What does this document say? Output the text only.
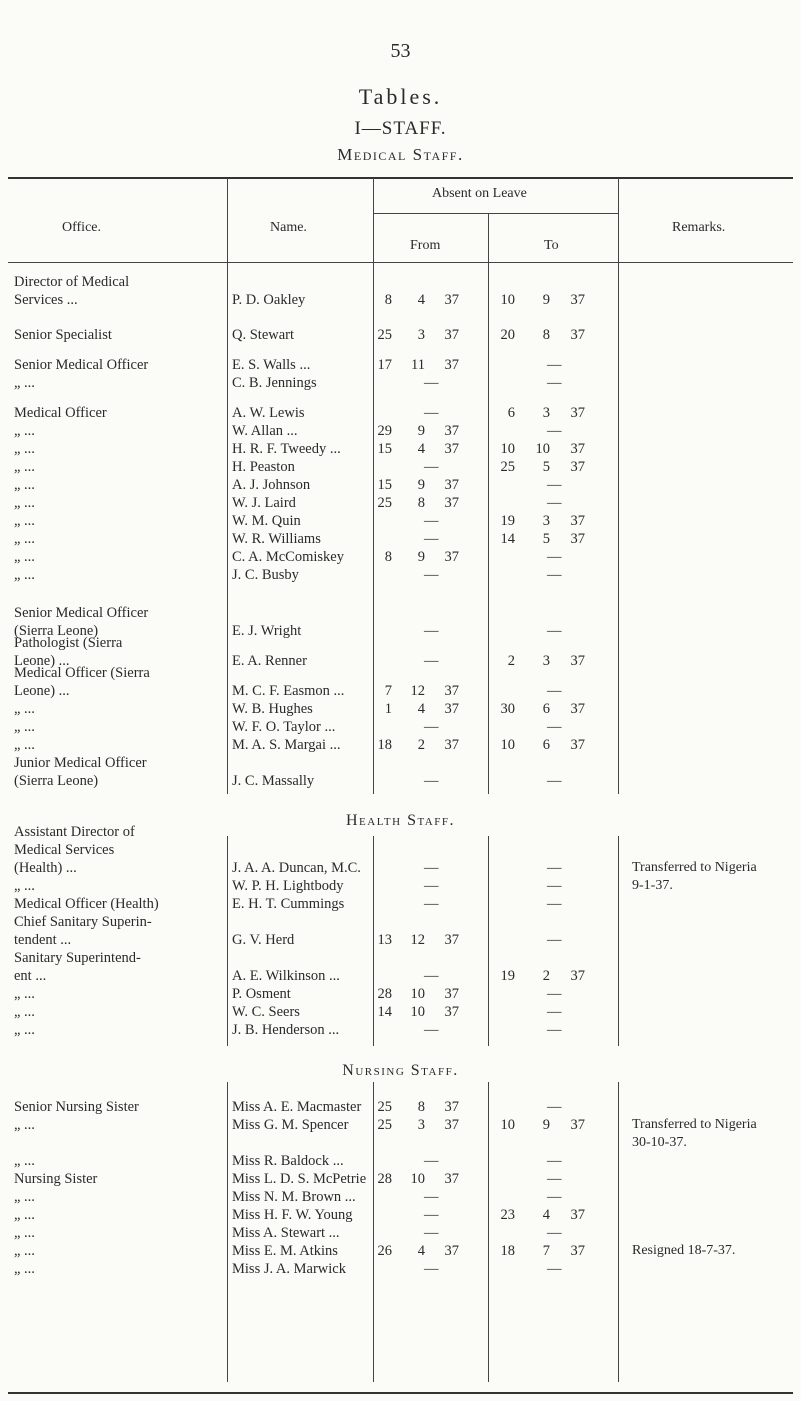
53
Tables.
I—STAFF.
Medical Staff.
Office.	Name.
Absent on Leave
From	To
Remarks.
Director of Medical
Services ...	P. D. Oakley	8	4	37	10	9	37
Senior Specialist	Q. Stewart	25	3	37	20	8	37
Senior Medical Officer	E. S. Walls ...	17	11	37	—
„ ...	C. B. Jennings	—	—
Medical Officer	A. W. Lewis	—	6	3	37
„ ...	W. Allan ...	29	9	37	—
„ ...	H. R. F. Tweedy ...	15	4	37	10	10	37
„ ...	H. Peaston	—	25	5	37
„ ...	A. J. Johnson	15	9	37	—
„ ...	W. J. Laird	25	8	37	—
„ ...	W. M. Quin	—	19	3	37
„ ...	W. R. Williams	—	14	5	37
„ ...	C. A. McComiskey	8	9	37	—
„ ...	J. C. Busby	—	—
Senior Medical Officer
(Sierra Leone)	E. J. Wright	—	—
Pathologist (Sierra
Leone) ...	E. A. Renner	—	2	3	37
Medical Officer (Sierra
Leone) ...	M. C. F. Easmon ...	7	12	37	—
„ ...	W. B. Hughes	1	4	37	30	6	37
„ ...	W. F. O. Taylor ...	—	—
„ ...	M. A. S. Margai ...	18	2	37	10	6	37
Junior Medical Officer
(Sierra Leone)	J. C. Massally	—	—
Assistant Director of
Medical Services
(Health) ...	J. A. A. Duncan, M.C.	—	—	Transferred to Nigeria
9-1-37.
„ ...	W. P. H. Lightbody	—	—
Medical Officer (Health)	E. H. T. Cummings	—	—
Chief Sanitary Superin-
tendent ...	G. V. Herd	13	12	37	—
Sanitary Superintend-
ent ...	A. E. Wilkinson ...	—	19	2	37
„ ...	P. Osment	28	10	37	—
„ ...	W. C. Seers	14	10	37	—
„ ...	J. B. Henderson ...	—	—
Senior Nursing Sister	Miss A. E. Macmaster	25	8	37	—
„ ...	Miss G. M. Spencer	25	3	37	10	9	37	Transferred to Nigeria
30-10-37.
„ ...	Miss R. Baldock ...	—	—
Nursing Sister	Miss L. D. S. McPetrie 28	10	37	—
„ ...	Miss N. M. Brown ...	—	—
„ ...	Miss H. F. W. Young	—	23	4	37
„ ...	Miss A. Stewart ...	—	—
„ ...	Miss E. M. Atkins	26	4	37	18	7	37	Resigned 18-7-37.
„ ...	Miss J. A. Marwick	—	—
Health Staff.
Nursing Staff.
